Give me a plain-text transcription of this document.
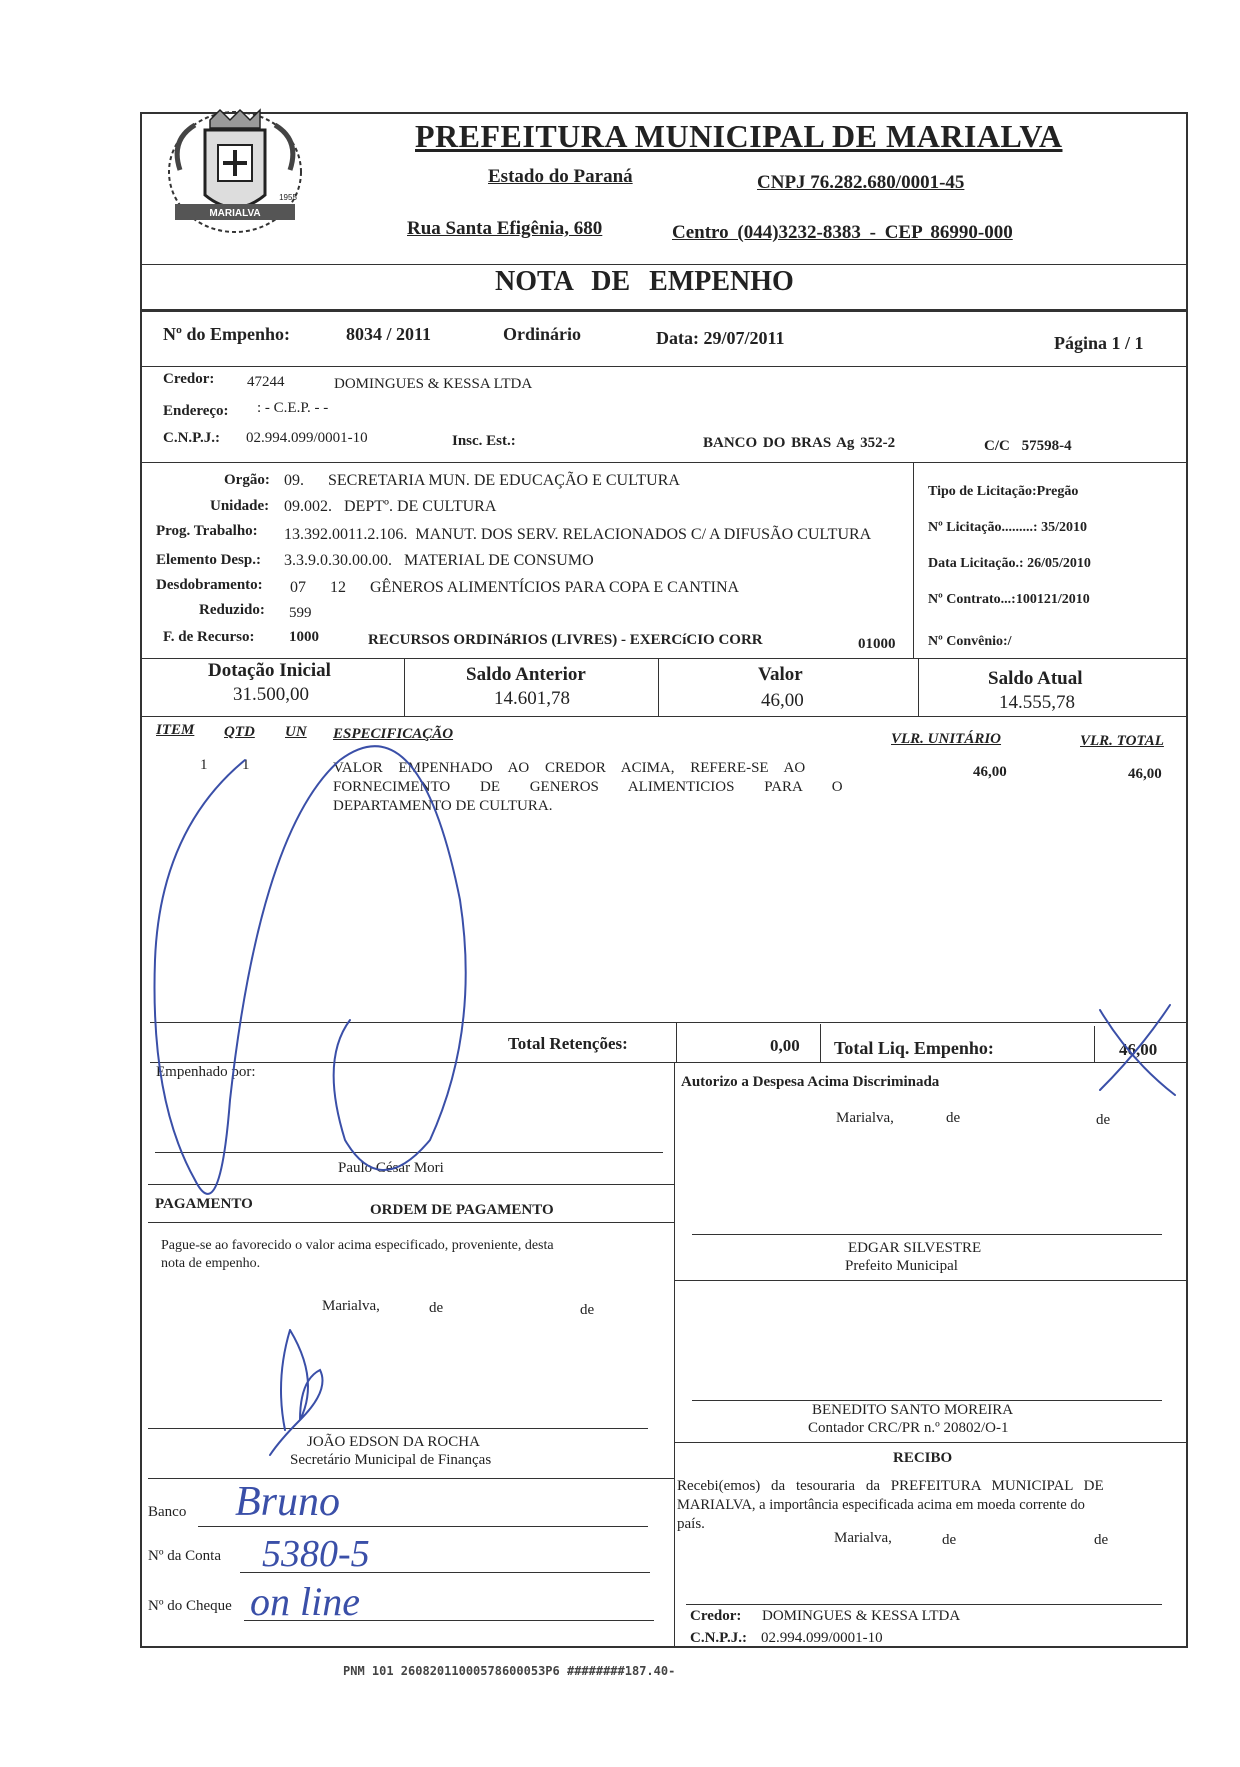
MARIALVA
1955
PREFEITURA MUNICIPAL DE MARIALVA
Estado do Paraná	CNPJ 76.282.680/0001-45
Rua Santa Efigênia, 680	Centro (044)3232-8383 - CEP 86990-000
NOTA DE EMPENHO
Nº do Empenho:	8034 / 2011	Ordinário	Data: 29/07/2011	Página 1 / 1
Credor: 47244	DOMINGUES & KESSA LTDA
Endereço: : - C.E.P. - -
C.N.P.J.: 02.994.099/0001-10	Insc. Est.:	BANCO DO BRAS Ag 352-2	C/C 57598-4
Orgão: 09.      SECRETARIA MUN. DE EDUCAÇÃO E CULTURA
Unidade: 09.002.   DEPTº. DE CULTURA
Prog. Trabalho: 13.392.0011.2.106.  MANUT. DOS SERV. RELACIONADOS C/ A DIFUSÃO CULTURA
Elemento Desp.: 3.3.9.0.30.00.00.   MATERIAL DE CONSUMO
Desdobramento: 07      12      GÊNEROS ALIMENTÍCIOS PARA COPA E CANTINA
Reduzido: 599
F. de Recurso: 1000	RECURSOS ORDINáRIOS (LIVRES) - EXERCíCIO CORR	01000
Tipo de Licitação:Pregão
Nº Licitação.........: 35/2010
Data Licitação.: 26/05/2010
Nº Contrato...:100121/2010
Nº Convênio:/
Dotação Inicial
31.500,00
Saldo Anterior
14.601,78
Valor
46,00
Saldo Atual
14.555,78
ITEM QTD UN ESPECIFICAÇÃO	VLR. UNITÁRIO	VLR. TOTAL
1 1	VALOR EMPENHADO AO CREDOR ACIMA, REFERE-SE AO
FORNECIMENTO DE GENEROS ALIMENTICIOS PARA O
DEPARTAMENTO DE CULTURA.
46,00	46,00
Total Retenções:	0,00 Total Liq. Empenho:	46,00
Empenhado por:
Paulo César Mori
PAGAMENTO	ORDEM DE PAGAMENTO
Pague-se ao favorecido o valor acima especificado, proveniente, desta
nota de empenho.
Marialva,	de	de
JOÃO EDSON DA ROCHA
Secretário Municipal de Finanças
Banco
Nº da Conta
Nº do Cheque
Autorizo a Despesa Acima Discriminada
Marialva,	de	de
EDGAR SILVESTRE
Prefeito Municipal
BENEDITO SANTO MOREIRA
Contador CRC/PR n.º 20802/O-1
RECIBO
Recebi(emos) da tesouraria da PREFEITURA MUNICIPAL DE
MARIALVA, a importância especificada acima em moeda corrente do
país.
Marialva,	de	de
Credor: DOMINGUES & KESSA LTDA
C.N.P.J.: 02.994.099/0001-10
PNM 101 26082011000578600053P6 ########187.40-
Bruno
5380-5
on line
